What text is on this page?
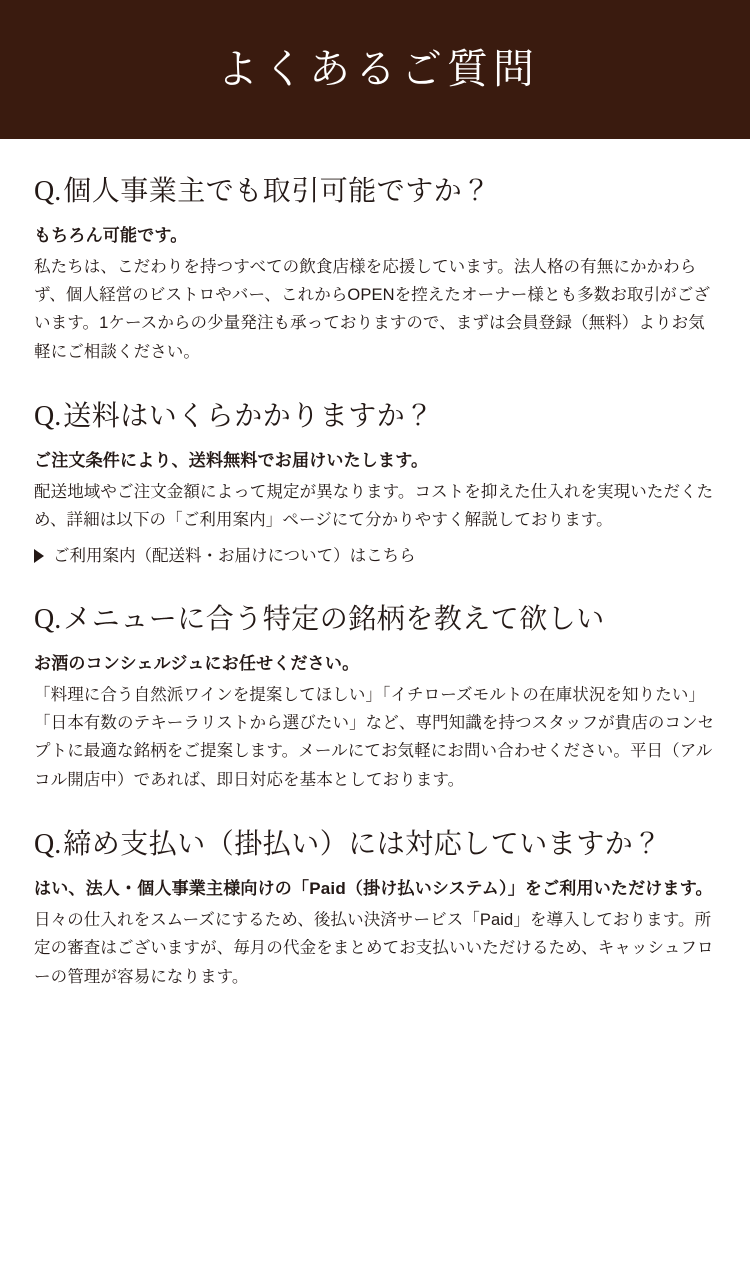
よくあるご質問
Q. 個人事業主でも取引可能ですか？

もちろん可能です。

私たちは、こだわりを持つすべての飲食店様を応援しています。法人格の有無にかかわらず、個人経営のビストロやバー、これからOPENを控えたオーナー様とも多数お取引がございます。1ケースからの少量発注も承っておりますので、まずは会員登録（無料）よりお気軽にご相談ください。

Q. 送料はいくらかかりますか？

ご注文条件により、送料無料でお届けいたします。

配送地域やご注文金額によって規定が異なります。コストを抑えた仕入れを実現いただくため、詳細は以下の「ご利用案内」ページにて分かりやすく解説しております。

ご利用案内（配送料・お届けについて）はこちら
Q. メニューに合う特定の銘柄を教えて欲しい

お酒のコンシェルジュにお任せください。

「料理に合う自然派ワインを提案してほしい」「イチローズモルトの在庫状況を知りたい」「日本有数のテキーラリストから選びたい」など、専門知識を持つスタッフが貴店のコンセプトに最適な銘柄をご提案します。メールにてお気軽にお問い合わせください。平日（アルコル開店中）であれば、即日対応を基本としております。

Q. 締め支払い（掛払い）には対応していますか？

はい、法人・個人事業主様向けの「Paid（掛け払いシステム）」をご利用いただけます。

日々の仕入れをスムーズにするため、後払い決済サービス「Paid」を導入しております。所定の審査はございますが、毎月の代金をまとめてお支払いいただけるため、キャッシュフローの管理が容易になります。
